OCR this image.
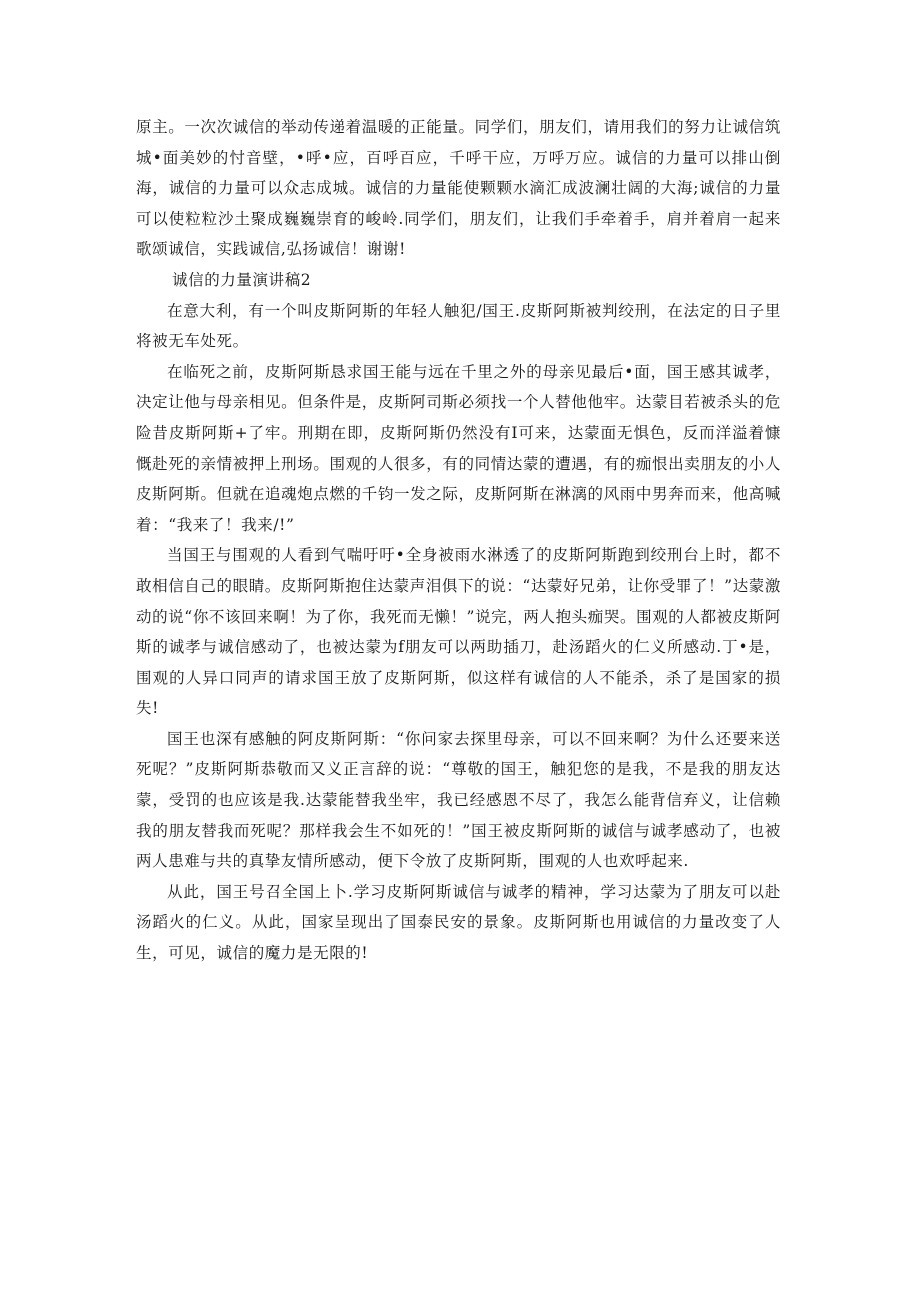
原主。一次次诚信的举动传递着温暖的正能量。同学们，朋友们，请用我们的努力让诚信筑城•面美妙的忖音壁，•呼•应，百呼百应，千呼干应，万呼万应。诚信的力量可以排山倒海，诚信的力量可以众志成城。诚信的力量能使颗颗水滴汇成波澜壮阔的大海;诚信的力量可以使粒粒沙土聚成巍巍崇育的峻岭.同学们，朋友们，让我们手牵着手，肩并着肩一起来歌颂诚信，实践诚信,弘扬诚信！谢谢!

诚信的力量演讲稿2

在意大利，有一个叫皮斯阿斯的年轻人触犯/国王.皮斯阿斯被判绞刑，在法定的日子里将被无车处死。

在临死之前，皮斯阿斯恳求国王能与远在千里之外的母亲见最后•面，国王感其诚孝，决定让他与母亲相见。但条件是，皮斯阿司斯必须找一个人替他他牢。达蒙目若被杀头的危险昔皮斯阿斯+了牢。刑期在即，皮斯阿斯仍然没有I可来，达蒙面无惧色，反而洋溢着慷慨赴死的亲情被押上刑场。围观的人很多，有的同情达蒙的遭遇，有的痂恨出卖朋友的小人皮斯阿斯。但就在追魂炮点燃的千钧一发之际，皮斯阿斯在淋漓的风雨中男奔而来，他高喊着：“我来了！我来/!”

当国王与围观的人看到气喘吁吁•全身被雨水淋透了的皮斯阿斯跑到绞刑台上时，都不敢相信自己的眼睛。皮斯阿斯抱住达蒙声泪俱下的说：“达蒙好兄弟，让你受罪了！”达蒙激动的说“你不该回来啊！为了你，我死而无懒！”说完，两人抱头痂哭。围观的人都被皮斯阿斯的诚孝与诚信感动了，也被达蒙为f朋友可以两助插刀，赴汤蹈火的仁义所感动.丁•是，围观的人异口同声的请求国王放了皮斯阿斯，似这样有诚信的人不能杀，杀了是国家的损失!

国王也深有感触的阿皮斯阿斯：“你问家去探里母亲，可以不回来啊？为什么还要来送死呢？”皮斯阿斯恭敬而又义正言辞的说：“尊敬的国王，触犯您的是我，不是我的朋友达蒙，受罚的也应该是我.达蒙能替我坐牢，我已经感恩不尽了，我怎么能背信弃义，让信赖我的朋友替我而死呢？那样我会生不如死的！”国王被皮斯阿斯的诚信与诚孝感动了，也被两人患难与共的真挚友情所感动，便下令放了皮斯阿斯，围观的人也欢呼起来.

从此，国王号召全国上卜.学习皮斯阿斯诚信与诚孝的精神，学习达蒙为了朋友可以赴汤蹈火的仁义。从此，国家呈现出了国泰民安的景象。皮斯阿斯也用诚信的力量改变了人生，可见，诚信的魔力是无限的!
